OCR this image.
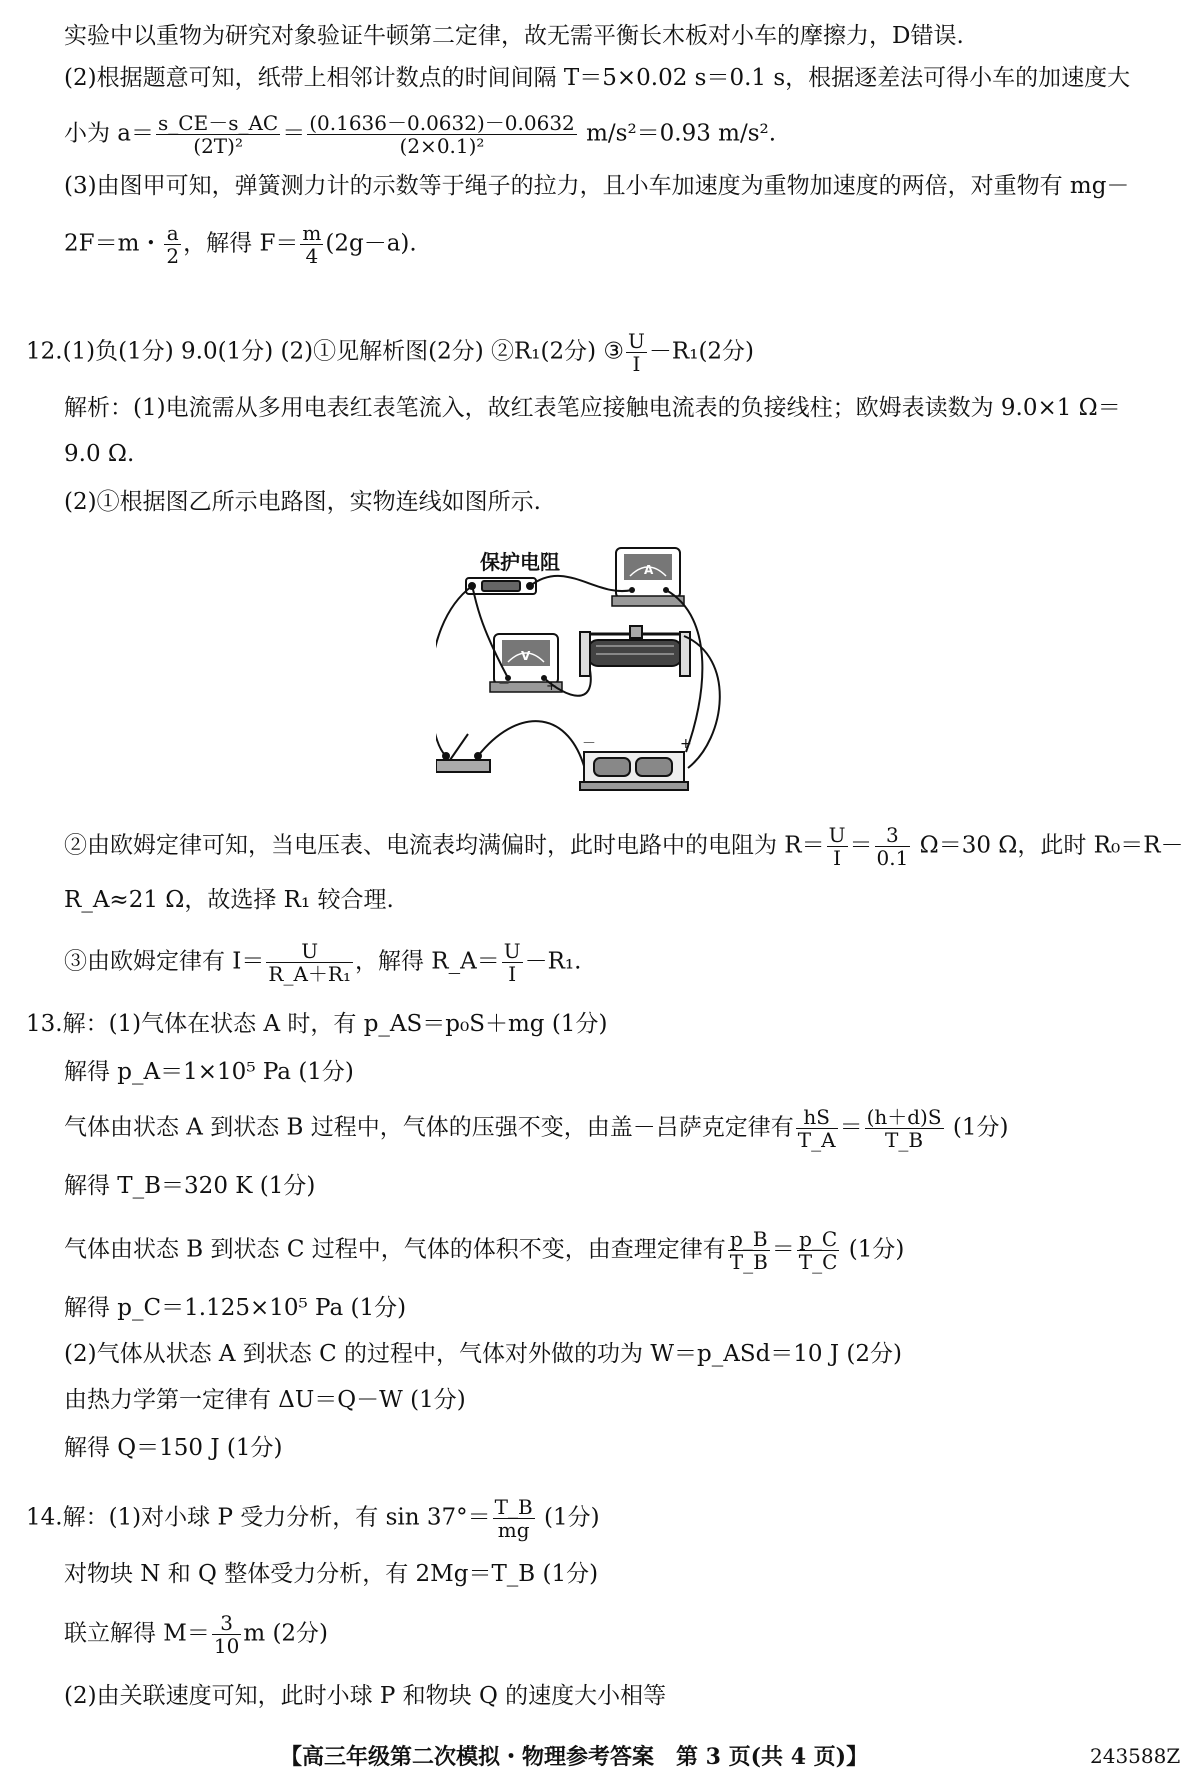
实验中以重物为研究对象验证牛顿第二定律，故无需平衡长木板对小车的摩擦力，D错误.
(2)根据题意可知，纸带上相邻计数点的时间间隔 T＝5×0.02 s＝0.1 s，根据逐差法可得小车的加速度大
小为 $a= \frac{s\_CE-s\_AC}{\text{(2T)²}} = \frac{(0.1636-0.0632)-0.0632}{\text{(2×0.1)²}} m/s^2=0.93$ m/s².
(3)由图甲可知，弹簧测力计的示数等于绳子的拉力，且小车加速度为重物加速度的两倍，对重物有 mg－
2F＝m・ $\frac{a}{2}$ ，解得 $F= \frac{m}{4} (2g-a)$.
12.(1)负(1分) 9.0(1分) (2)①见解析图(2分) ②R₁(2分) ③ $\frac{U}{I} -R_1(2$分)
解析：(1)电流需从多用电表红表笔流入，故红表笔应接触电流表的负接线柱；欧姆表读数为 9.0×1 Ω＝
9.0 Ω.
(2)①根据图乙所示电路图，实物连线如图所示.
保护电阻	A
V
－	+
－	+
②由欧姆定律可知，当电压表、电流表均满偏时，此时电路中的电阻为 $R= \frac{U}{I} = \frac{3}{0.1} \Omega=30$ Ω，此时 R₀＝R－
R_A≈21 Ω，故选择 R₁ 较合理.
③由欧姆定律有 $I= \frac{U}{\text{R\_A＋R₁}}$ ，解得 R_A＝ $\frac{U}{I} -R_1$.
13.解：(1)气体在状态 A 时，有 p_AS＝p₀S＋mg (1分)
解得 p_A＝1×10⁵ Pa (1分)
气体由状态 A 到状态 B 过程中，气体的压强不变，由盖－吕萨克定律有 $\frac{hS}{T\_A} = \frac{(h+d)S}{T\_B} (1$分)
解得 T_B＝320 K (1分)
气体由状态 B 到状态 C 过程中，气体的体积不变，由查理定律有 $\frac{p\_B}{T\_B} = \frac{p\_C}{T\_C} (1$分)
解得 p_C＝1.125×10⁵ Pa (1分)
(2)气体从状态 A 到状态 C 的过程中，气体对外做的功为 W＝p_ASd＝10 J (2分)
由热力学第一定律有 ΔU＝Q－W (1分)
解得 Q＝150 J (1分)
14.解：(1)对小球 P 受力分析，有 $\sin 37^\circ= \frac{T\_B}{mg} (1$分)
对物块 N 和 Q 整体受力分析，有 2Mg＝T_B (1分)
联立解得 $M= \frac{3}{10}$ m (2分)
(2)由关联速度可知，此时小球 P 和物块 Q 的速度大小相等
【高三年级第二次模拟・物理参考答案　第 3 页(共 4 页)】	243588Z
